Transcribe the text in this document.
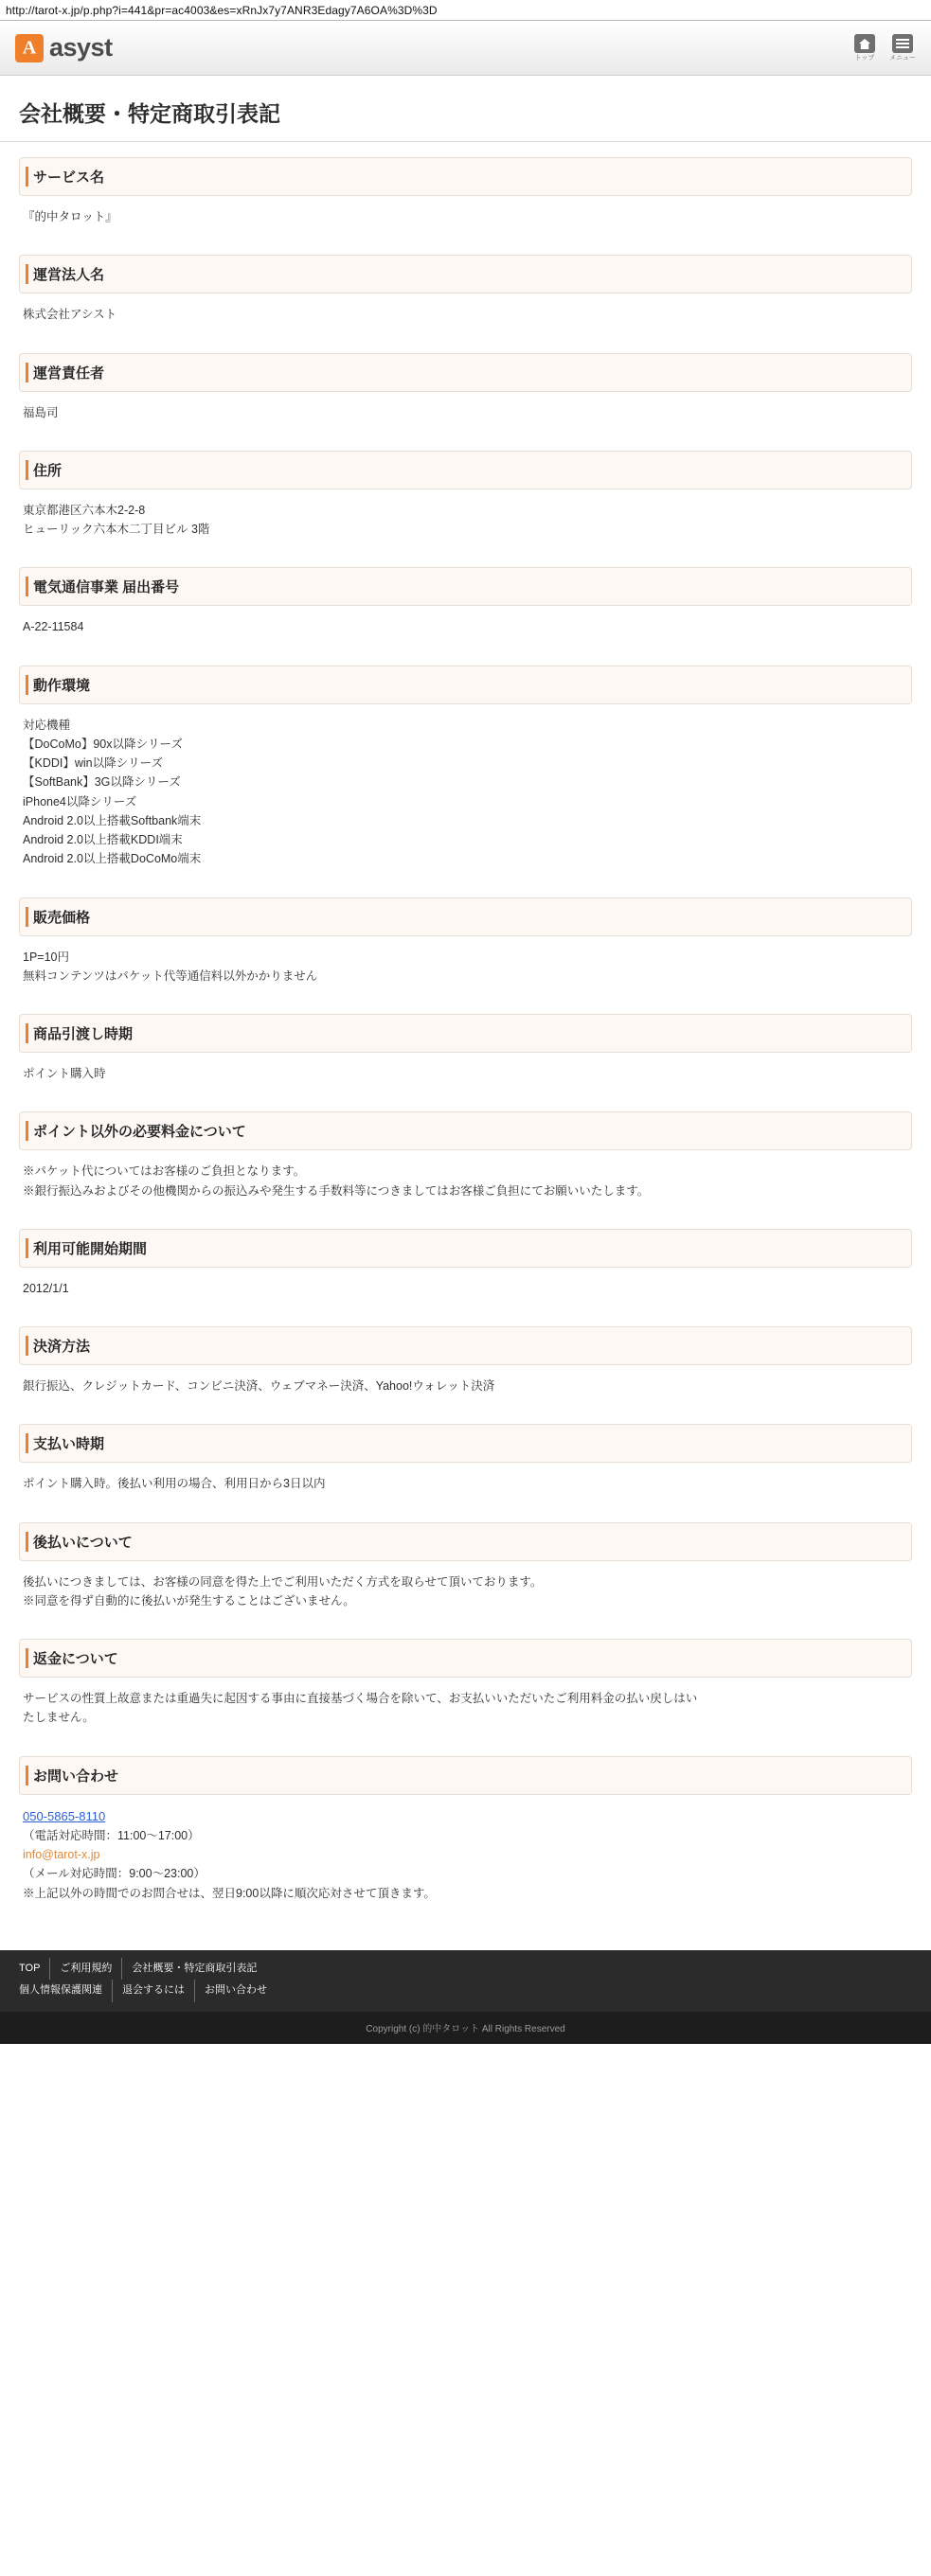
http://tarot-x.jp/p.php?i=441&pr=ac4003&es=xRnJx7y7ANR3Edagy7A6OA%3D%3D
A
asyst	トップ メニュー
会社概要・特定商取引表記
サービス名

『的中タロット』

運営法人名

株式会社アシスト

運営責任者

福島司

住所

東京都港区六本木2-2-8

ヒューリック六本木二丁目ビル 3階

電気通信事業 届出番号

A-22-11584

動作環境

対応機種

【DoCoMo】90x以降シリーズ

【KDDI】win以降シリーズ

【SoftBank】3G以降シリーズ

iPhone4以降シリーズ

Android 2.0以上搭載Softbank端末

Android 2.0以上搭載KDDI端末

Android 2.0以上搭載DoCoMo端末

販売価格

1P=10円

無料コンテンツはパケット代等通信料以外かかりません

商品引渡し時期

ポイント購入時

ポイント以外の必要料金について

※パケット代についてはお客様のご負担となります。

※銀行振込みおよびその他機関からの振込みや発生する手数料等につきましてはお客様ご負担にてお願いいたします。

利用可能開始期間

2012/1/1

決済方法

銀行振込、クレジットカード、コンビニ決済、ウェブマネー決済、Yahoo!ウォレット決済

支払い時期

ポイント購入時。後払い利用の場合、利用日から3日以内

後払いについて

後払いにつきましては、お客様の同意を得た上でご利用いただく方式を取らせて頂いております。

※同意を得ず自動的に後払いが発生することはございません。

返金について

サービスの性質上故意または重過失に起因する事由に直接基づく場合を除いて、お支払いいただいたご利用料金の払い戻しはい

たしません。

お問い合わせ

050-5865-8110

（電話対応時間：11:00〜17:00）

info@tarot-x.jp

（メール対応時間：9:00〜23:00）

※上記以外の時間でのお問合せは、翌日9:00以降に順次応対させて頂きます。

TOP	ご利用規約	会社概要・特定商取引表記
個人情報保護関連	退会するには	お問い合わせ
Copyright (c) 的中タロット All Rights Reserved
